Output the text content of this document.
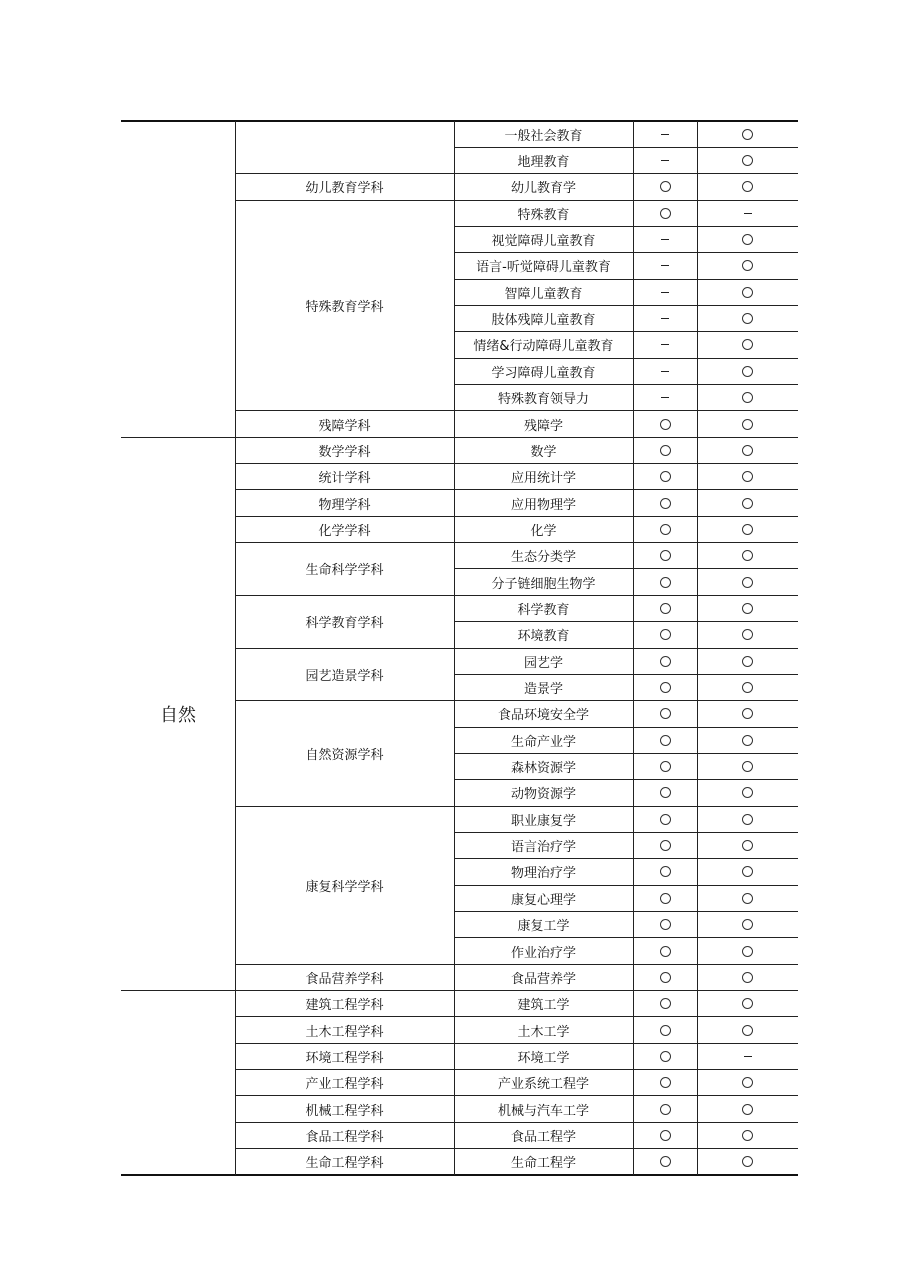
自然
幼儿教育学科
特殊教育学科
残障学科
数学学科
统计学科
物理学科
化学学科
生命科学学科
科学教育学科
园艺造景学科
自然资源学科
康复科学学科
食品营养学科
建筑工程学科
土木工程学科
环境工程学科
产业工程学科
机械工程学科
食品工程学科
生命工程学科
一般社会教育
地理教育
幼儿教育学
特殊教育
视觉障碍儿童教育
语言-听觉障碍儿童教育
智障儿童教育
肢体残障儿童教育
情绪&行动障碍儿童教育
学习障碍儿童教育
特殊教育领导力
残障学
数学
应用统计学
应用物理学
化学
生态分类学
分子链细胞生物学
科学教育
环境教育
园艺学
造景学
食品环境安全学
生命产业学
森林资源学
动物资源学
职业康复学
语言治疗学
物理治疗学
康复心理学
康复工学
作业治疗学
食品营养学
建筑工学
土木工学
环境工学
产业系统工程学
机械与汽车工学
食品工程学
生命工程学
